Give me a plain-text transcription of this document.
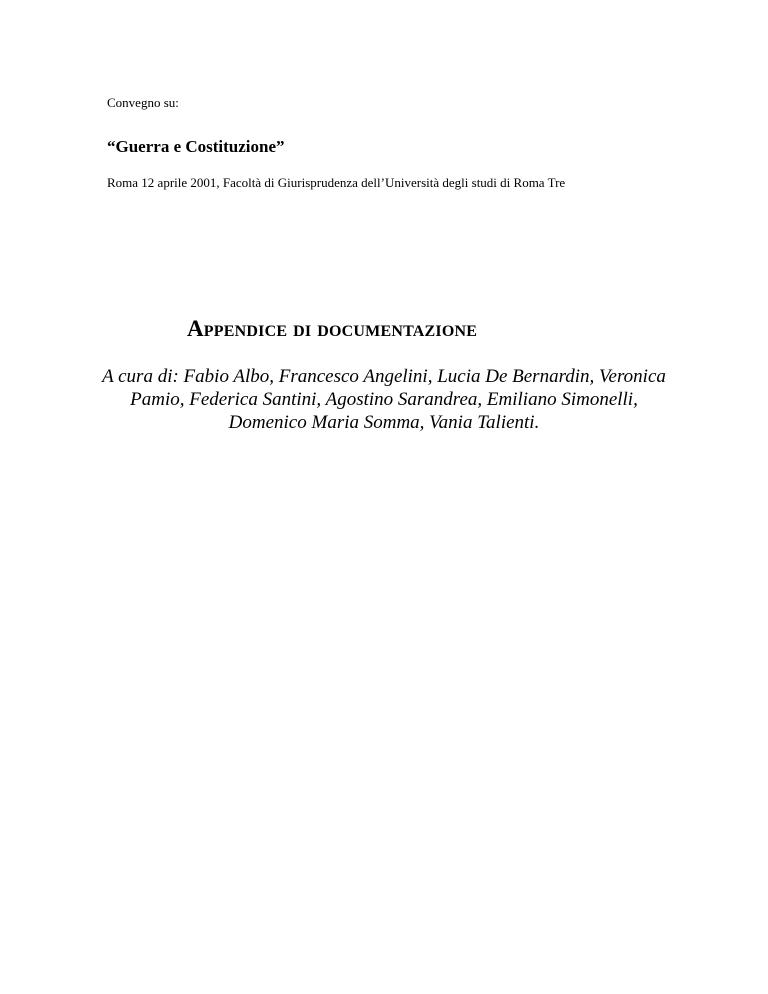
Convegno su:
“Guerra e Costituzione”
Roma 12 aprile 2001, Facoltà di Giurisprudenza dell’Università degli studi di Roma Tre
Appendice di documentazione

A cura di: Fabio Albo, Francesco Angelini, Lucia De Bernardin, Veronica Pamio, Federica Santini, Agostino Sarandrea, Emiliano Simonelli, Domenico Maria Somma, Vania Talienti.
